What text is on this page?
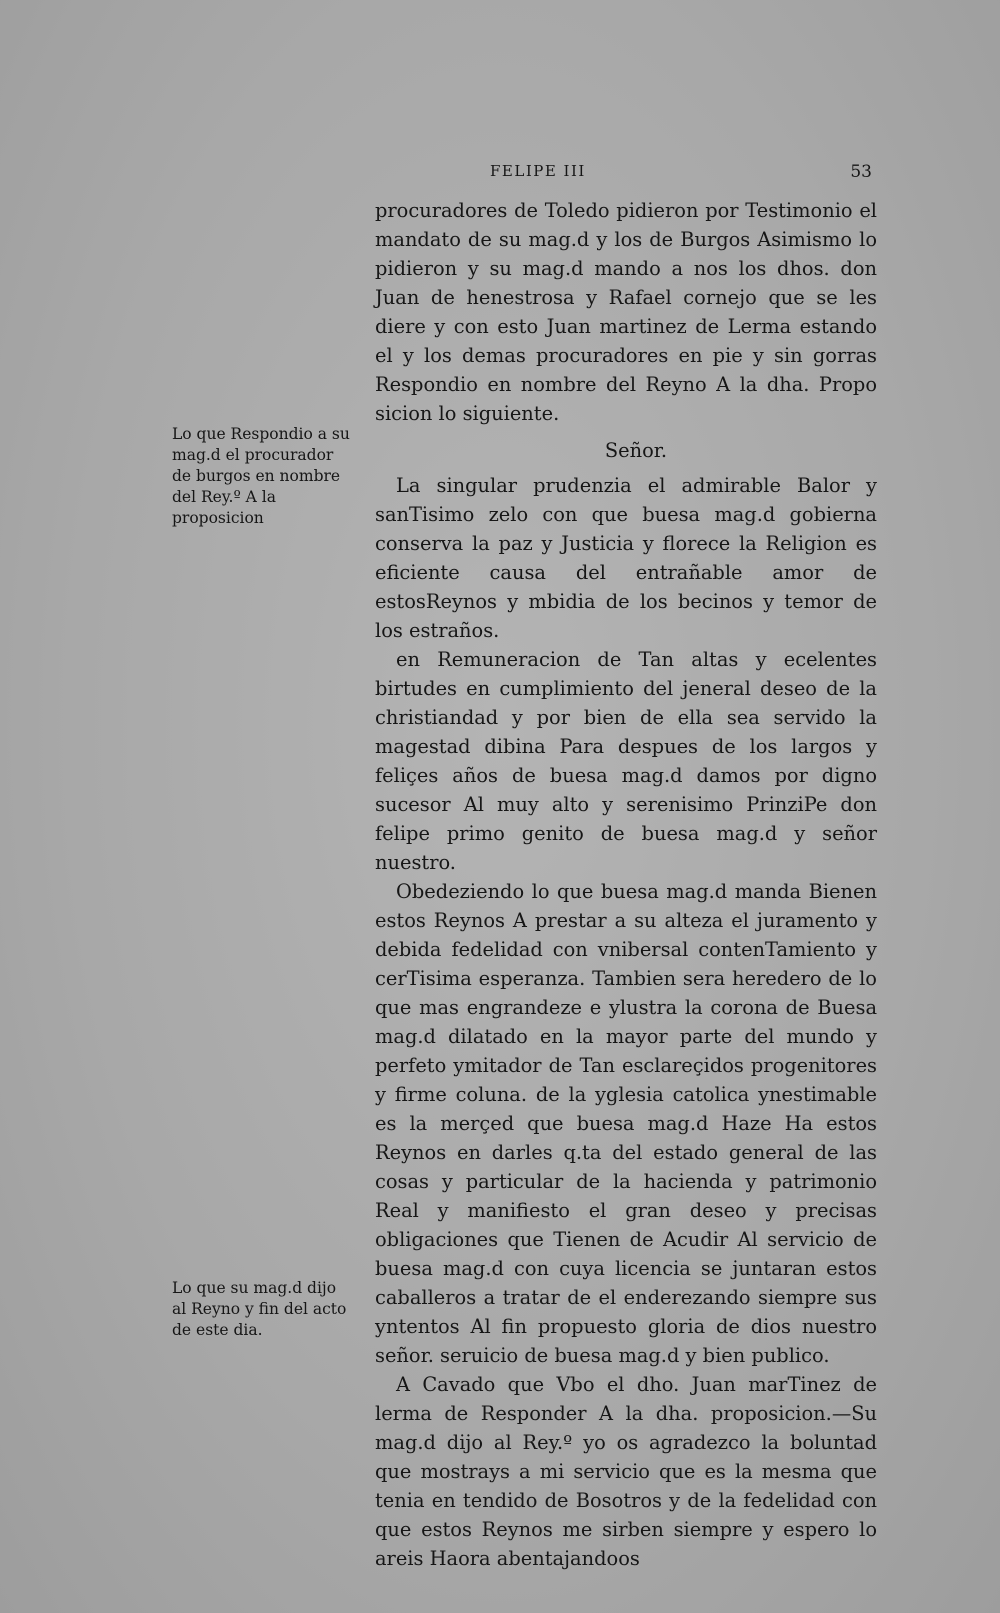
FELIPE III	53
Lo que Respondio a su mag.d el procurador de burgos en nombre del Rey.º A la proposicion
Lo que su mag.d dijo al Reyno y fin del acto de este dia.

procuradores de Toledo pidieron por Testimonio el mandato de su mag.d y los de Burgos Asimismo lo pidieron y su mag.d mando a nos los dhos. don Juan de henestrosa y Rafael cornejo que se les diere y con esto Juan martinez de Lerma estando el y los demas procuradores en pie y sin gorras Respondio en nombre del Reyno A la dha. Propo sicion lo siguiente.

Señor.

La singular prudenzia el admirable Balor y sanTisimo zelo con que buesa mag.d gobierna conserva la paz y Justicia y florece la Religion es eficiente causa del entrañable amor de estosReynos y mbidia de los becinos y temor de los estraños.

en Remuneracion de Tan altas y ecelentes birtudes en cumplimiento del jeneral deseo de la christiandad y por bien de ella sea servido la magestad dibina Para despues de los largos y feliçes años de buesa mag.d damos por digno sucesor Al muy alto y serenisimo PrinziPe don felipe primo genito de buesa mag.d y señor nuestro.

Obedeziendo lo que buesa mag.d manda Bienen estos Reynos A prestar a su alteza el juramento y debida fedelidad con vnibersal contenTamiento y cerTisima esperanza. Tambien sera heredero de lo que mas engrandeze e ylustra la corona de Buesa mag.d dilatado en la mayor parte del mundo y perfeto ymitador de Tan esclareçidos progenitores y firme coluna. de la yglesia catolica ynestimable es la merçed que buesa mag.d Haze Ha estos Reynos en darles q.ta del estado general de las cosas y particular de la hacienda y patrimonio Real y manifiesto el gran deseo y precisas obligaciones que Tienen de Acudir Al servicio de buesa mag.d con cuya licencia se juntaran estos caballeros a tratar de el enderezando siempre sus yntentos Al fin propuesto gloria de dios nuestro señor. seruicio de buesa mag.d y bien publico.

A Cavado que Vbo el dho. Juan marTinez de lerma de Responder A la dha. proposicion.—Su mag.d dijo al Rey.º yo os agradezco la boluntad que mostrays a mi servicio que es la mesma que tenia en tendido de Bosotros y de la fedelidad con que estos Reynos me sirben siempre y espero lo areis Haora abentajandoos
